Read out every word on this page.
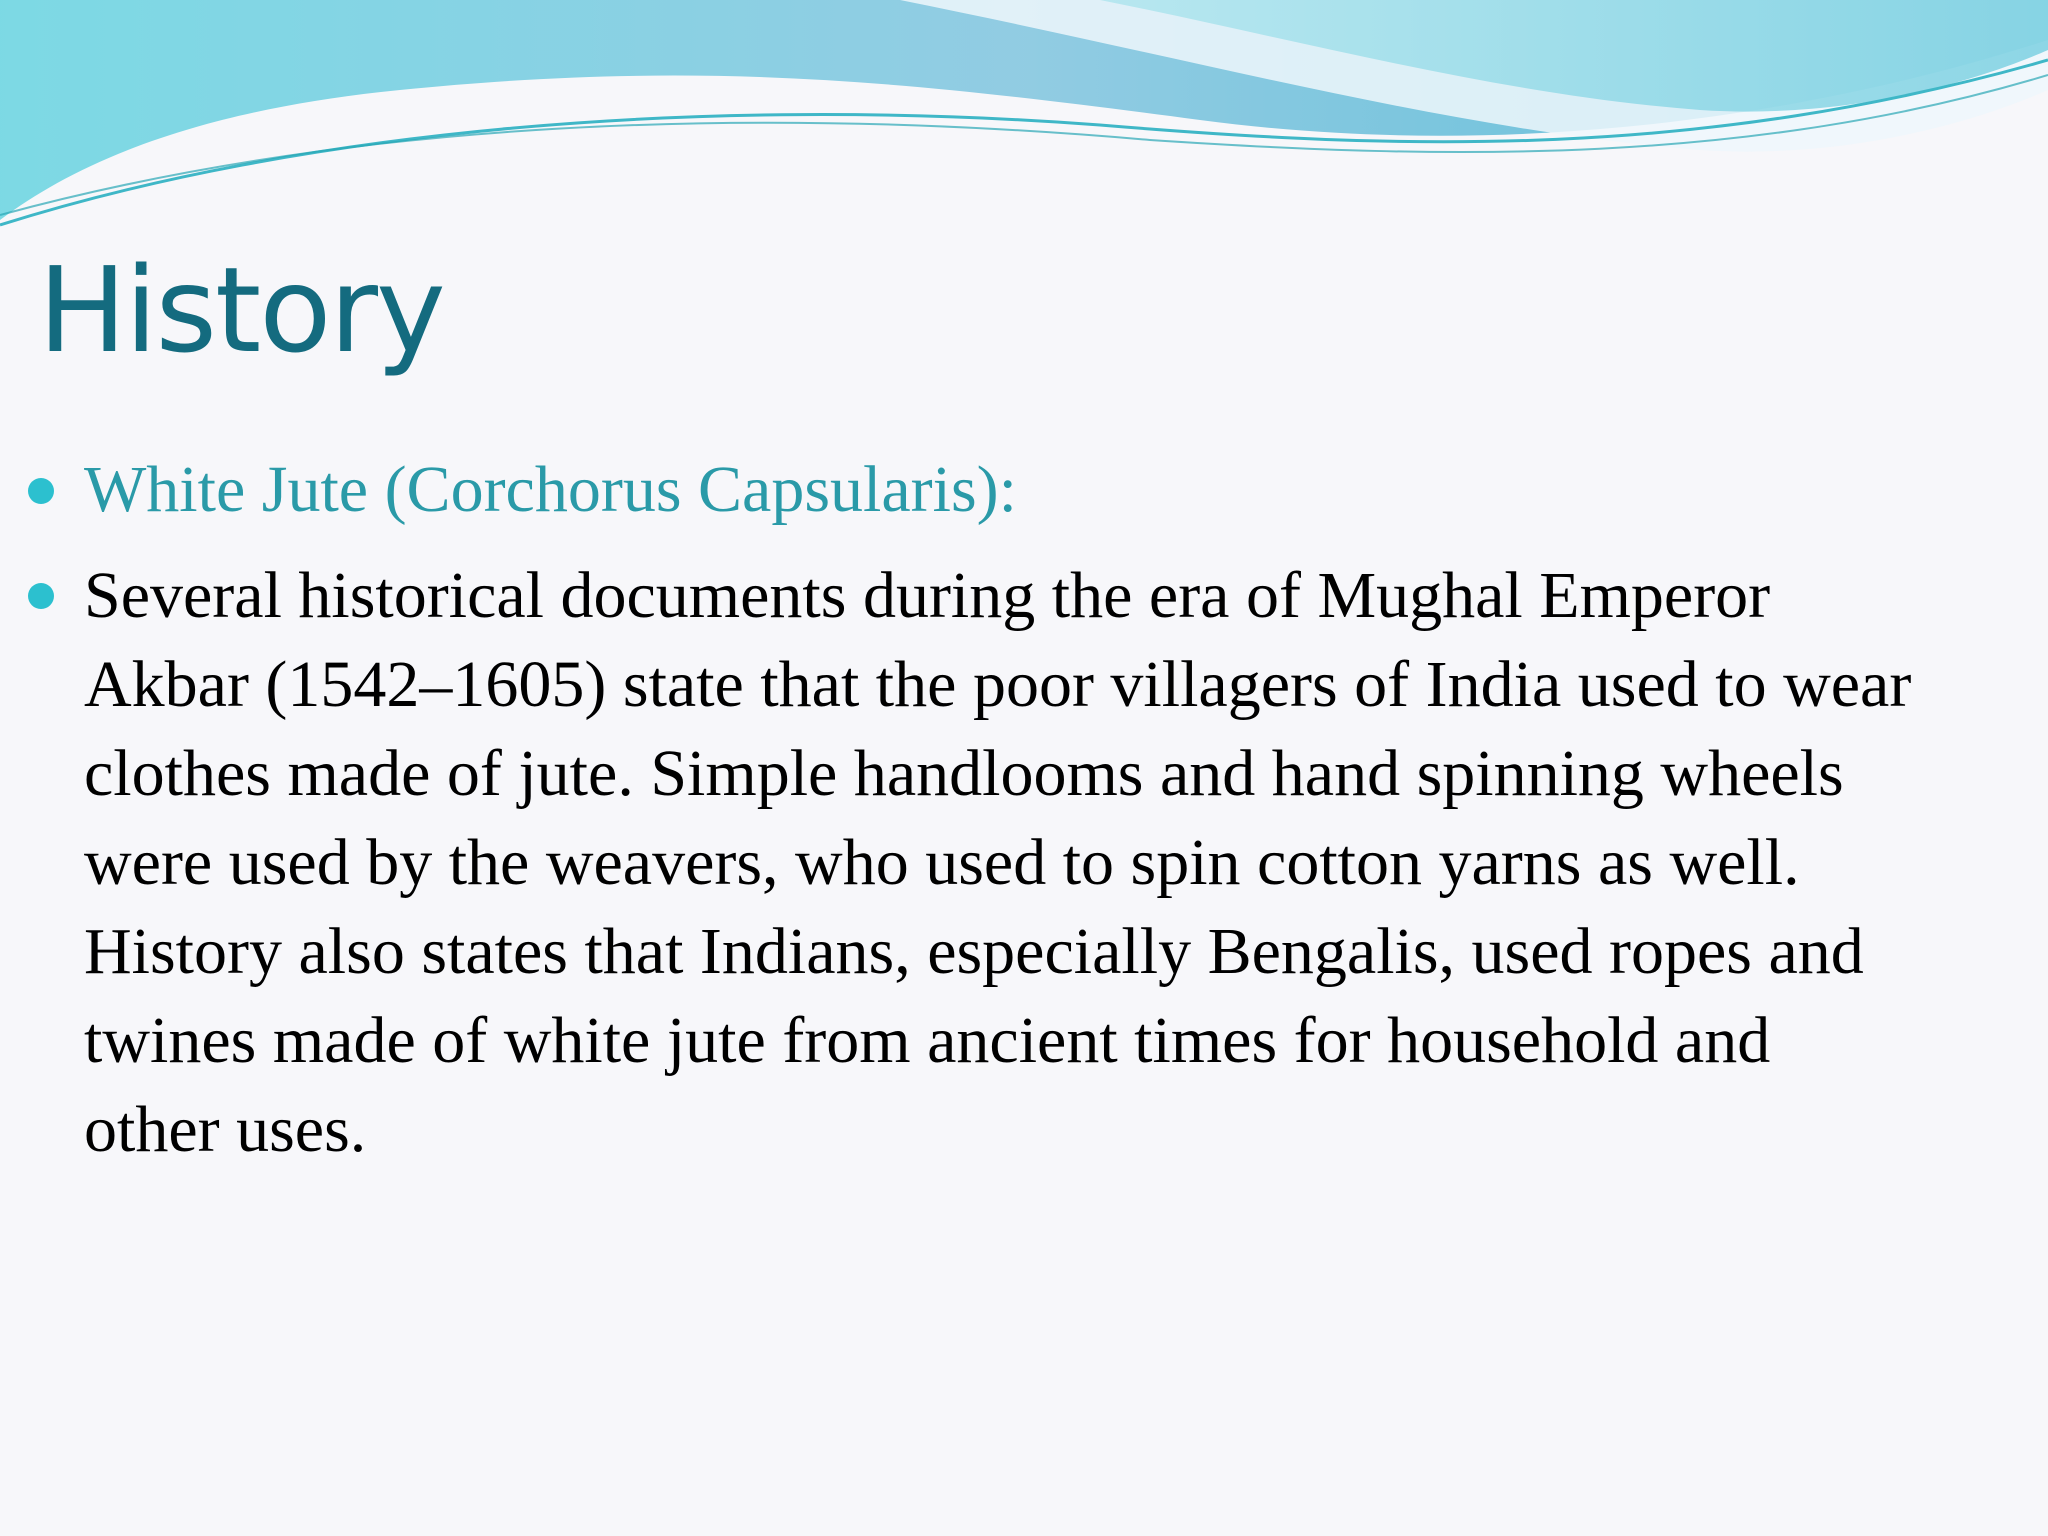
History
White Jute (Corchorus Capsularis):
Several historical documents during the era of Mughal Emperor Akbar (1542–1605) state that the poor villagers of India used to wear clothes made of jute. Simple handlooms and hand spinning wheels were used by the weavers, who used to spin cotton yarns as well. History also states that Indians, especially Bengalis, used ropes and twines made of white jute from ancient times for household and other uses.
